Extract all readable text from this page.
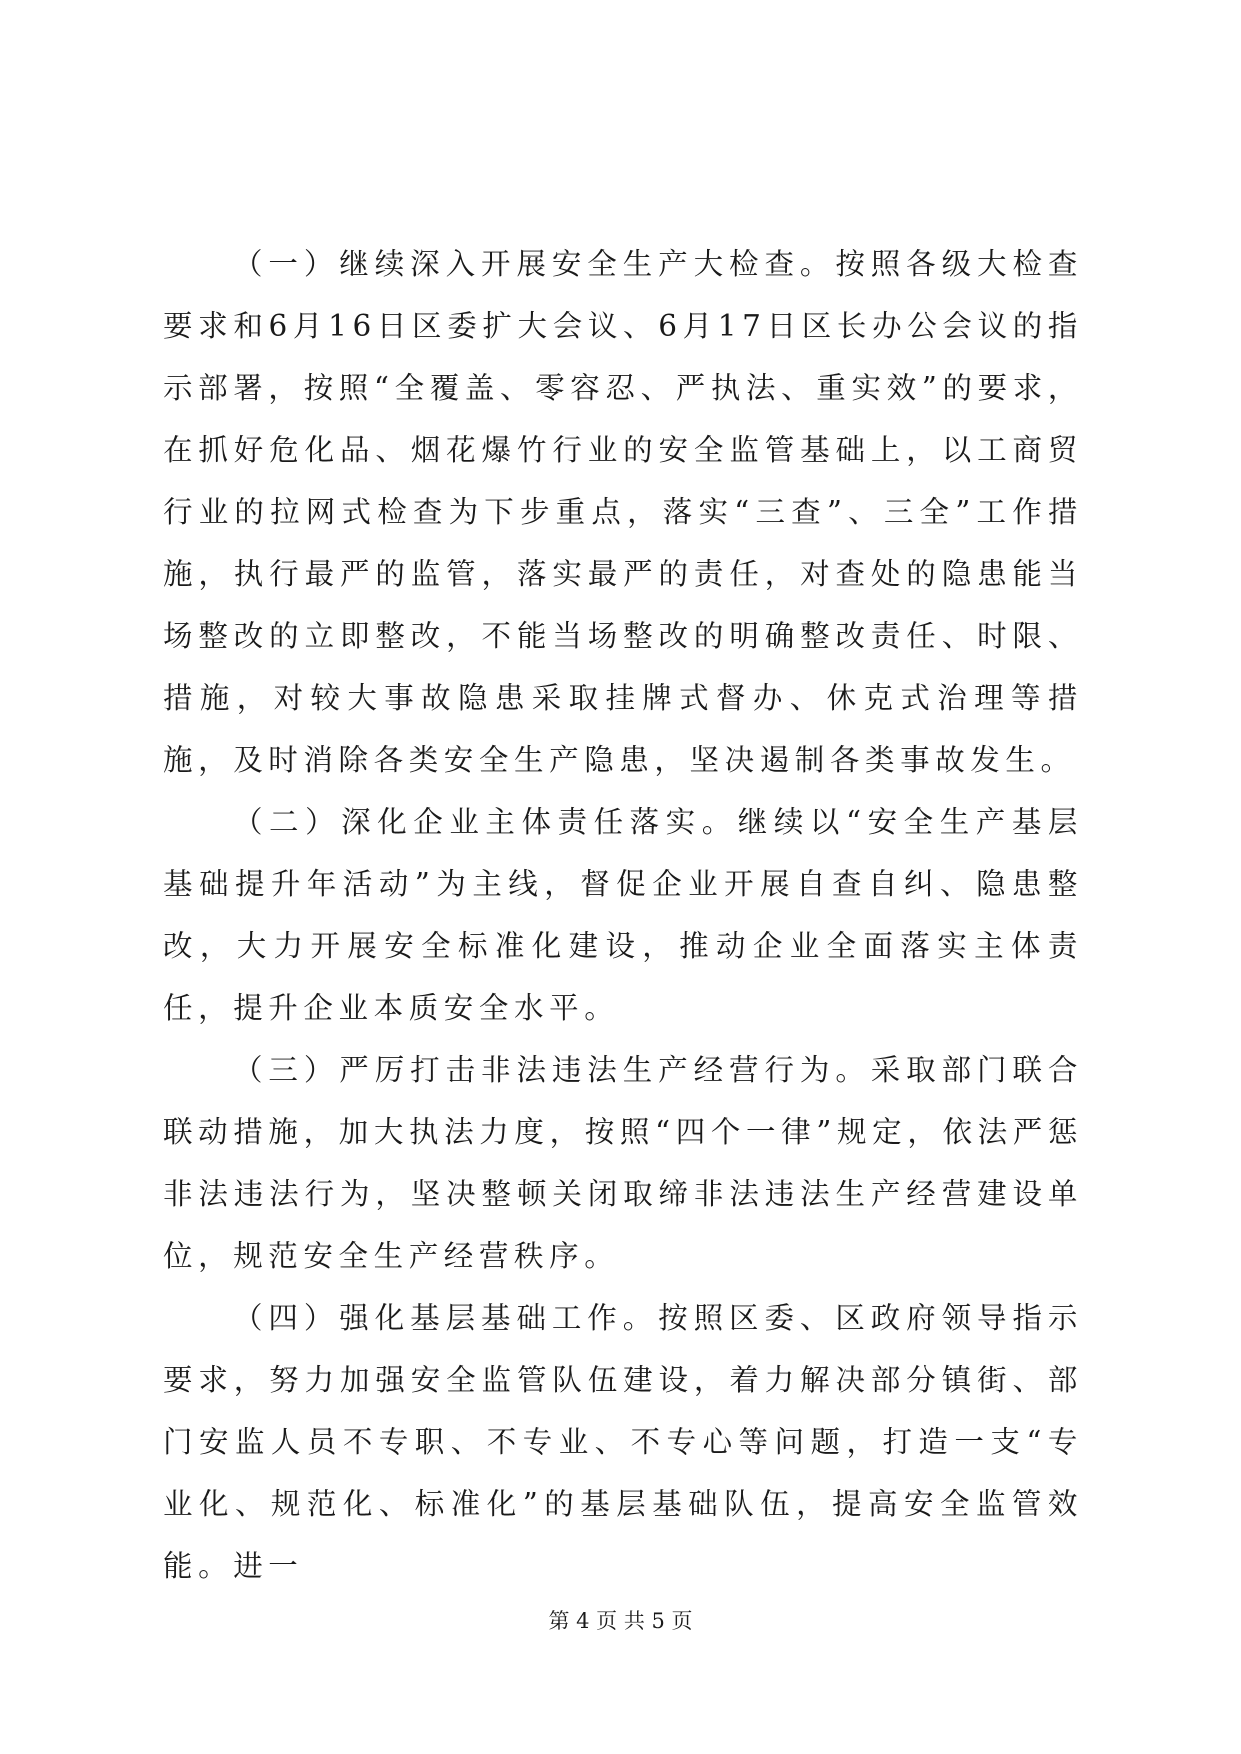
（一）继续深入开展安全生产大检查。按照各级大检查要求和6月16日区委扩大会议、6月17日区长办公会议的指示部署，按照“全覆盖、零容忍、严执法、重实效”的要求，在抓好危化品、烟花爆竹行业的安全监管基础上，以工商贸行业的拉网式检查为下步重点，落实“三查”、三全”工作措施，执行最严的监管，落实最严的责任，对查处的隐患能当场整改的立即整改，不能当场整改的明确整改责任、时限、措施，对较大事故隐患采取挂牌式督办、休克式治理等措施，及时消除各类安全生产隐患，坚决遏制各类事故发生。

（二）深化企业主体责任落实。继续以“安全生产基层基础提升年活动”为主线，督促企业开展自查自纠、隐患整改，大力开展安全标准化建设，推动企业全面落实主体责任，提升企业本质安全水平。

（三）严厉打击非法违法生产经营行为。采取部门联合联动措施，加大执法力度，按照“四个一律”规定，依法严惩非法违法行为，坚决整顿关闭取缔非法违法生产经营建设单位，规范安全生产经营秩序。

（四）强化基层基础工作。按照区委、区政府领导指示要求，努力加强安全监管队伍建设，着力解决部分镇街、部门安监人员不专职、不专业、不专心等问题，打造一支“专业化、规范化、标准化”的基层基础队伍，提高安全监管效能。进一

第 4 页 共 5 页
